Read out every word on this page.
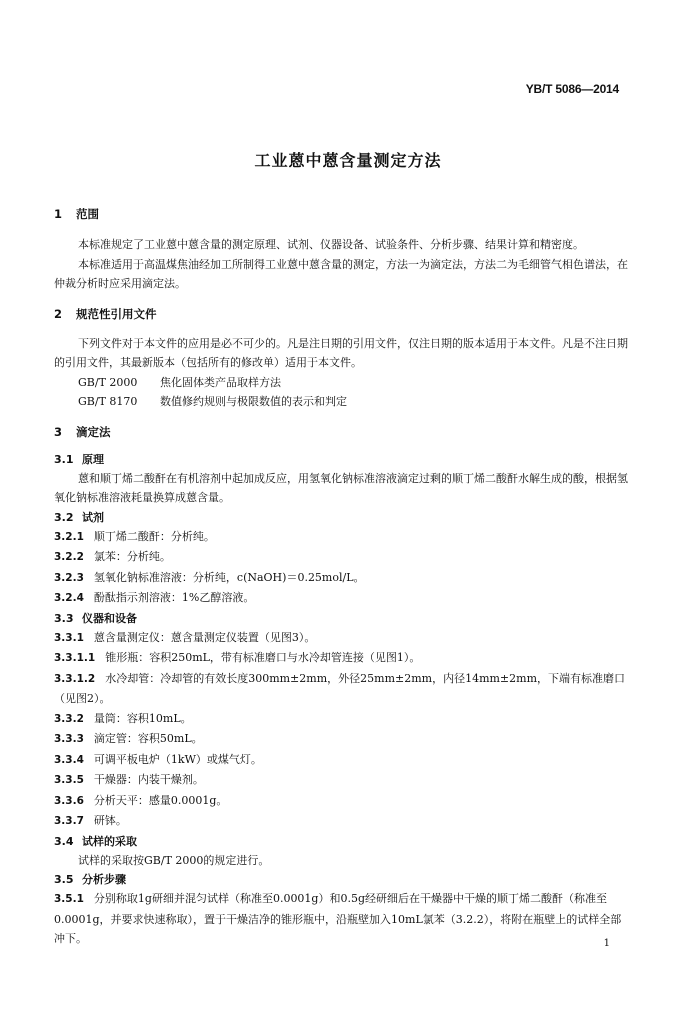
YB/T 5086—2014
工业蒽中蒽含量测定方法
1 范围

本标准规定了工业蒽中蒽含量的测定原理、试剂、仪器设备、试验条件、分析步骤、结果计算和精密度。

本标准适用于高温煤焦油经加工所制得工业蒽中蒽含量的测定，方法一为滴定法，方法二为毛细管气相色谱法，在仲裁分析时应采用滴定法。

2 规范性引用文件

下列文件对于本文件的应用是必不可少的。凡是注日期的引用文件，仅注日期的版本适用于本文件。凡是不注日期的引用文件，其最新版本（包括所有的修改单）适用于本文件。

GB/T 2000 焦化固体类产品取样方法

GB/T 8170 数值修约规则与极限数值的表示和判定

3 滴定法
3.1 原理

蒽和顺丁烯二酸酐在有机溶剂中起加成反应，用氢氧化钠标准溶液滴定过剩的顺丁烯二酸酐水解生成的酸，根据氢氧化钠标准溶液耗量换算成蒽含量。

3.2 试剂

3.2.1 顺丁烯二酸酐：分析纯。

3.2.2 氯苯：分析纯。

3.2.3 氢氧化钠标准溶液：分析纯，c(NaOH)＝0.25mol/L。

3.2.4 酚酞指示剂溶液：1%乙醇溶液。

3.3 仪器和设备

3.3.1 蒽含量测定仪：蒽含量测定仪装置（见图3）。

3.3.1.1 锥形瓶：容积250mL，带有标准磨口与水冷却管连接（见图1）。

3.3.1.2 水冷却管：冷却管的有效长度300mm±2mm，外径25mm±2mm，内径14mm±2mm，下端有标准磨口（见图2）。

3.3.2 量筒：容积10mL。

3.3.3 滴定管：容积50mL。

3.3.4 可调平板电炉（1kW）或煤气灯。

3.3.5 干燥器：内装干燥剂。

3.3.6 分析天平：感量0.0001g。

3.3.7 研钵。

3.4 试样的采取

试样的采取按GB/T 2000的规定进行。

3.5 分析步骤

3.5.1 分别称取1g研细并混匀试样（称准至0.0001g）和0.5g经研细后在干燥器中干燥的顺丁烯二酸酐（称准至0.0001g，并要求快速称取），置于干燥洁净的锥形瓶中，沿瓶壁加入10mL氯苯（3.2.2），将附在瓶壁上的试样全部冲下。	1
